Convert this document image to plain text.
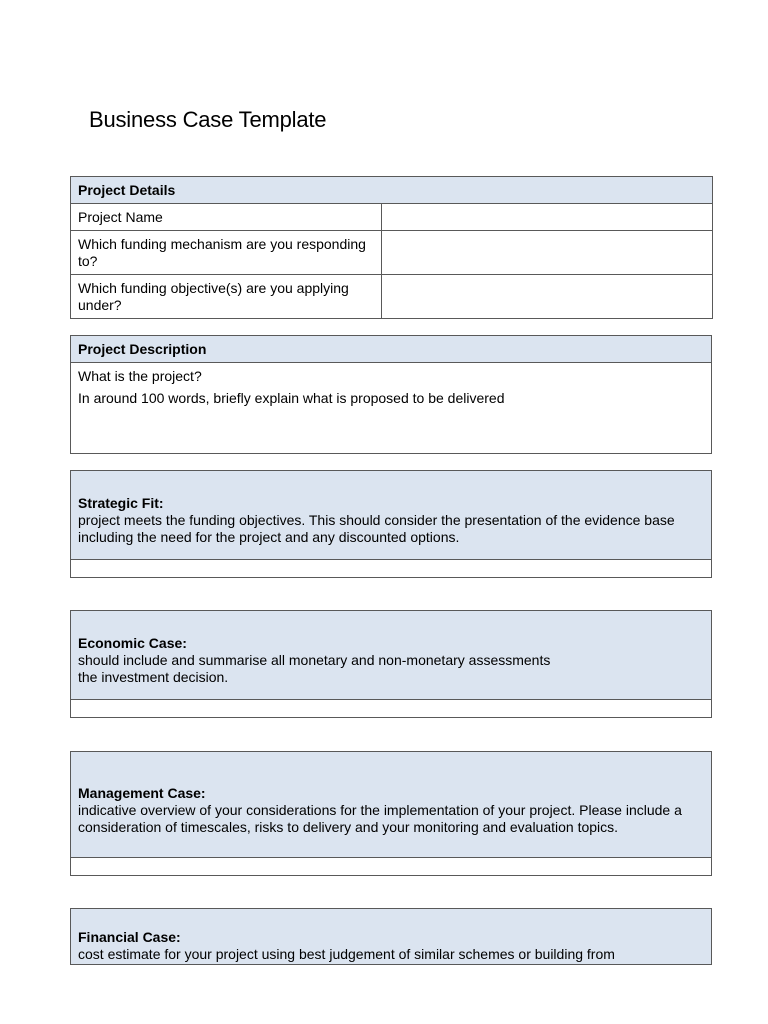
Business Case Template
Project Details	
Project Name	
Which funding mechanism are you responding to?	
Which funding objective(s) are you applying under?	
Project Description

What is the project?
In around 100 words, briefly explain what is proposed to be delivered
Strategic Fit:
project meets the funding objectives. This should consider the presentation of the evidence base including the need for the project and any discounted options.

Economic Case:
should include and summarise all monetary and non-monetary assessments
the investment decision.

Management Case:
indicative overview of your considerations for the implementation of your project. Please include a consideration of timescales, risks to delivery and your monitoring and evaluation topics.

Financial Case:
cost estimate for your project using best judgement of similar schemes or building from
